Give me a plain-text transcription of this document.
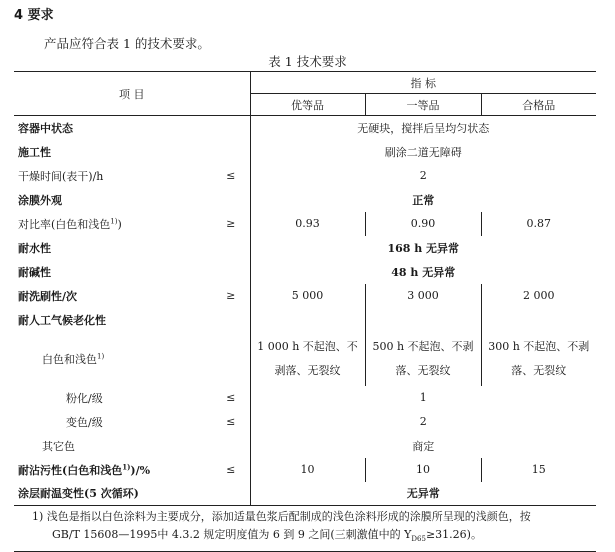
4 要求
产品应符合表 1 的技术要求。
表 1 技术要求
项 目		指 标		
		优等品	一等品	合格品
容器中状态		无硬块，搅拌后呈均匀状态		
施工性		刷涂二道无障碍		
干燥时间(表干)/h	≤	2		
涂膜外观		正常		
对比率(白色和浅色$^{1)}$)	≥	0.93	0.90	0.87
耐水性		168 h 无异常		
耐碱性		48 h 无异常		
耐洗刷性/次	≥	5 000	3 000	2 000
耐人工气候老化性				
白色和浅色$^{1)}$		1 000 h 不起泡、不剥落、无裂纹	500 h 不起泡、不剥落、无裂纹	300 h 不起泡、不剥落、无裂纹
粉化/级	≤	1		
变色/级	≤	2		
其它色		商定		
耐沾污性(白色和浅色$^{1)}$)/%	≤	10	10	15
涂层耐温变性(5 次循环)		无异常		

1) 浅色是指以白色涂料为主要成分，添加适量色浆后配制成的浅色涂料形成的涂膜所呈现的浅颜色，按
GB/T 15608—1995中 4.3.2 规定明度值为 6 到 9 之间(三刺激值中的 $Y_{D65}\ge 31.26$)。				
